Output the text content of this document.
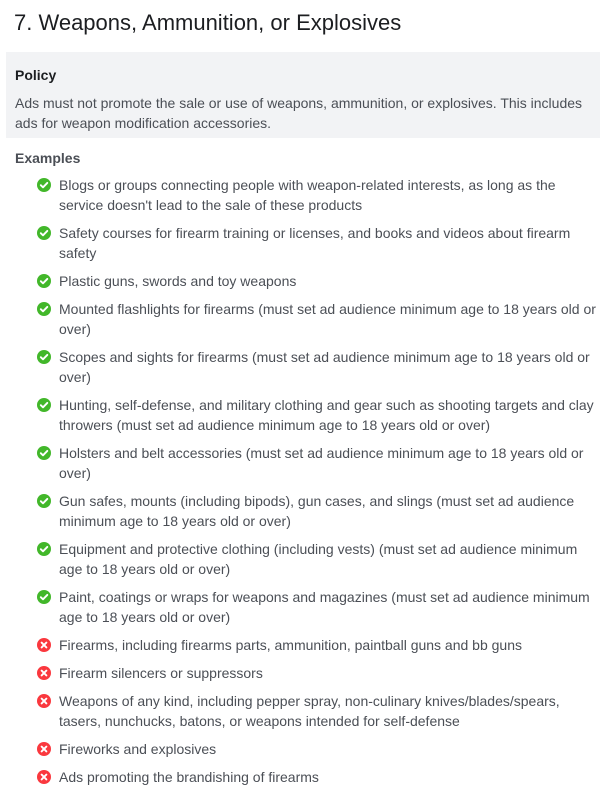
7. Weapons, Ammunition, or Explosives
Policy
Ads must not promote the sale or use of weapons, ammunition, or explosives. This includes ads for weapon modification accessories.
Examples
Blogs or groups connecting people with weapon-related interests, as long as the service doesn't lead to the sale of these products
Safety courses for firearm training or licenses, and books and videos about firearm safety
Plastic guns, swords and toy weapons
Mounted flashlights for firearms (must set ad audience minimum age to 18 years old or over)
Scopes and sights for firearms (must set ad audience minimum age to 18 years old or over)
Hunting, self-defense, and military clothing and gear such as shooting targets and clay throwers (must set ad audience minimum age to 18 years old or over)
Holsters and belt accessories (must set ad audience minimum age to 18 years old or over)
Gun safes, mounts (including bipods), gun cases, and slings (must set ad audience minimum age to 18 years old or over)
Equipment and protective clothing (including vests) (must set ad audience minimum age to 18 years old or over)
Paint, coatings or wraps for weapons and magazines (must set ad audience minimum age to 18 years old or over)
Firearms, including firearms parts, ammunition, paintball guns and bb guns
Firearm silencers or suppressors
Weapons of any kind, including pepper spray, non-culinary knives/blades/spears, tasers, nunchucks, batons, or weapons intended for self-defense
Fireworks and explosives
Ads promoting the brandishing of firearms
